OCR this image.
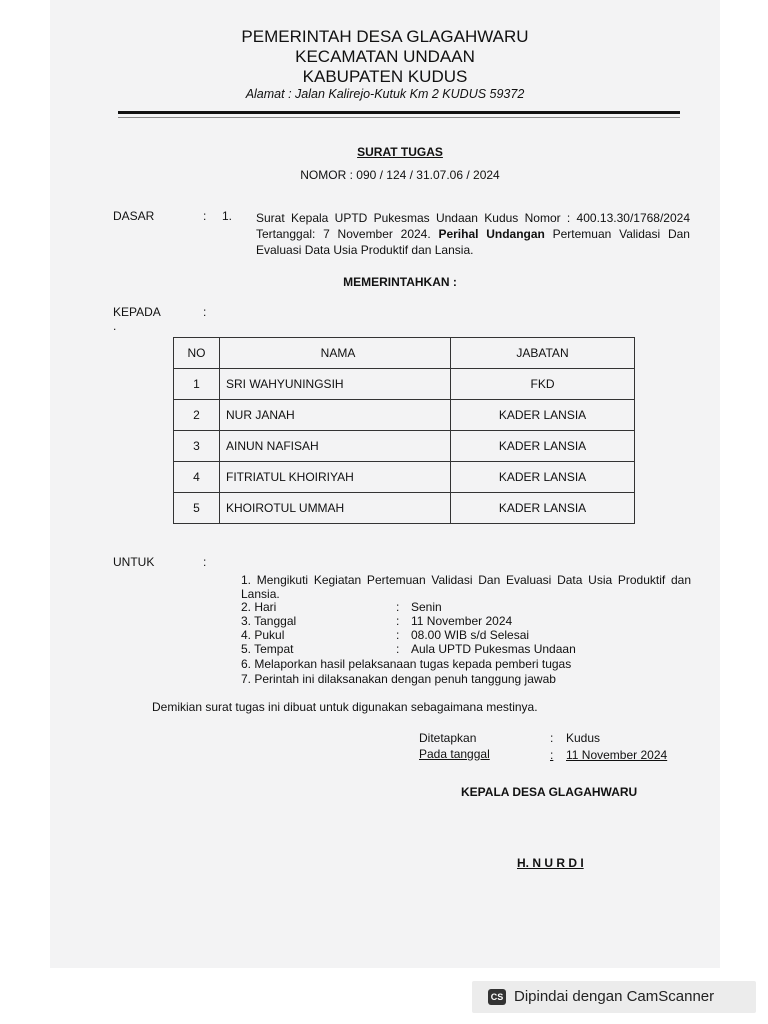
PEMERINTAH DESA GLAGAHWARU
KECAMATAN UNDAAN
KABUPATEN KUDUS
Alamat : Jalan Kalirejo-Kutuk Km 2 KUDUS 59372
SURAT TUGAS
NOMOR : 090 / 124 / 31.07.06 / 2024
DASAR	: 1. Surat Kepala UPTD Pukesmas Undaan Kudus Nomor : 400.13.30/1768/2024 Tertanggal: 7 November 2024. Perihal Undangan Pertemuan Validasi Dan Evaluasi Data Usia Produktif dan Lansia.
MEMERINTAHKAN :
KEPADA	:
.
NO	NAMA	JABATAN
1	SRI WAHYUNINGSIH	FKD
2	NUR JANAH	KADER LANSIA
3	AINUN NAFISAH	KADER LANSIA
4	FITRIATUL KHOIRIYAH	KADER LANSIA
5	KHOIROTUL UMMAH	KADER LANSIA
UNTUK	:
1. Mengikuti Kegiatan Pertemuan Validasi Dan Evaluasi Data Usia Produktif dan Lansia.
2. Hari	: Senin
3. Tanggal	: 11 November 2024
4. Pukul	: 08.00 WIB s/d Selesai
5. Tempat	: Aula UPTD Pukesmas Undaan
6. Melaporkan hasil pelaksanaan tugas kepada pemberi tugas
7. Perintah ini dilaksanakan dengan penuh tanggung jawab
Demikian surat tugas ini dibuat untuk digunakan sebagaimana mestinya.
Ditetapkan	: Kudus
Pada tanggal	: 11 November 2024
KEPALA DESA GLAGAHWARU
H. N U R D I
CS Dipindai dengan CamScanner
